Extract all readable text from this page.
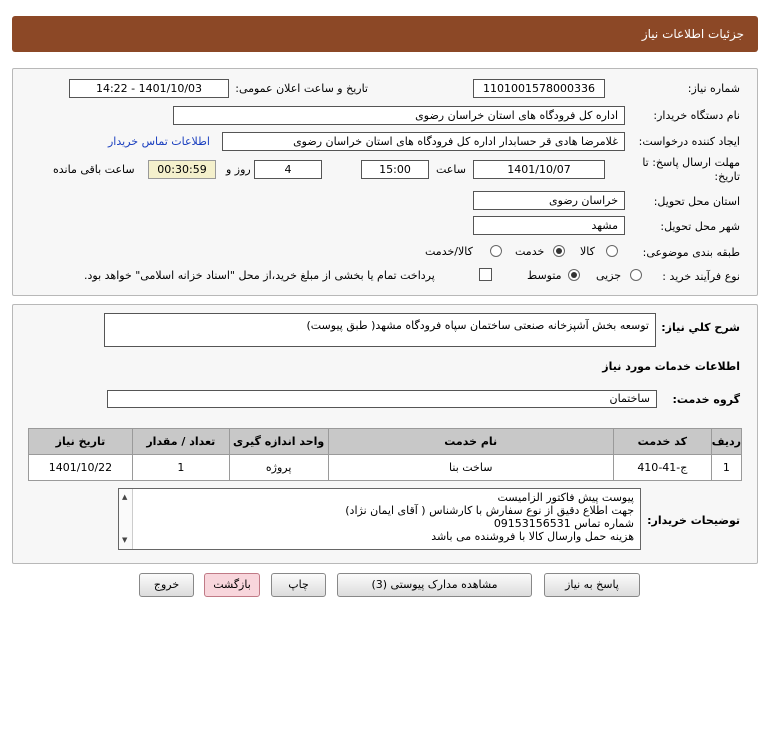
جزئیات اطلاعات نیاز
شماره نیاز:
1101001578000336
تاریخ و ساعت اعلان عمومی:
1401/10/03 - 14:22
نام دستگاه خریدار:
اداره کل فرودگاه های استان خراسان رضوی
ایجاد کننده درخواست:
غلامرضا هادی قر حسابدار اداره کل فرودگاه های استان خراسان رضوی
اطلاعات تماس خریدار
مهلت ارسال پاسخ: تا
تاریخ:
1401/10/07
ساعت
15:00
4
روز و
00:30:59
ساعت باقی مانده
استان محل تحویل:
خراسان رضوی
شهر محل تحویل:
مشهد
طبقه بندی موضوعی:
کالا
خدمت
کالا/خدمت
نوع فرآیند خرید :
جزیی
متوسط
پرداخت تمام یا بخشی از مبلغ خرید،از محل "اسناد خزانه اسلامی" خواهد بود.
شرح کلي نياز:
توسعه بخش آشپزخانه صنعتی ساختمان سپاه فرودگاه مشهد( طبق پیوست)
اطلاعات خدمات مورد نیاز
گروه خدمت:
ساختمان
ردیف	کد خدمت	نام خدمت	واحد اندازه گیری	تعداد / مقدار	تاریخ نیاز
1	ج-41-410	ساخت بنا	پروژه	1	1401/10/22
توضیحات خریدار:
▲
▼
پیوست پیش فاکتور الزامیست
جهت اطلاع دقیق از نوع سفارش با کارشناس ( آقای ایمان نژاد)
شماره تماس 09153156531
هزینه حمل وارسال کالا با فروشنده می باشد
پاسخ به نیاز
مشاهده مدارک پیوستی (3)
چاپ
بازگشت
خروج
